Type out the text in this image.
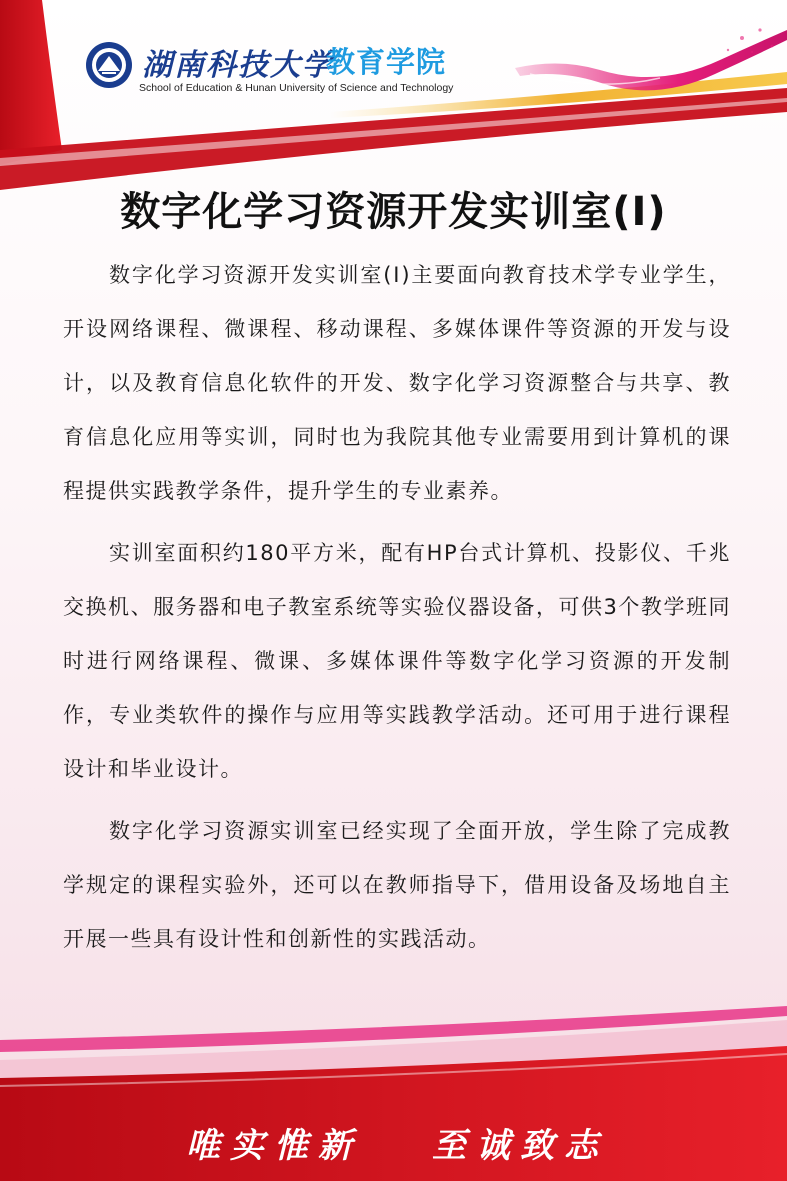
湖南科技大学
教育学院
School of Education & Hunan University of Science and Technology
数字化学习资源开发实训室(Ⅰ)

数字化学习资源开发实训室(Ⅰ)主要面向教育技术学专业学生，开设网络课程、微课程、移动课程、多媒体课件等资源的开发与设计，以及教育信息化软件的开发、数字化学习资源整合与共享、教育信息化应用等实训，同时也为我院其他专业需要用到计算机的课程提供实践教学条件，提升学生的专业素养。

实训室面积约180平方米，配有HP台式计算机、投影仪、千兆交换机、服务器和电子教室系统等实验仪器设备，可供3个教学班同时进行网络课程、微课、多媒体课件等数字化学习资源的开发制作，专业类软件的操作与应用等实践教学活动。还可用于进行课程设计和毕业设计。

数字化学习资源实训室已经实现了全面开放，学生除了完成教学规定的课程实验外，还可以在教师指导下，借用设备及场地自主开展一些具有设计性和创新性的实践活动。

唯实惟新 至诚致志
